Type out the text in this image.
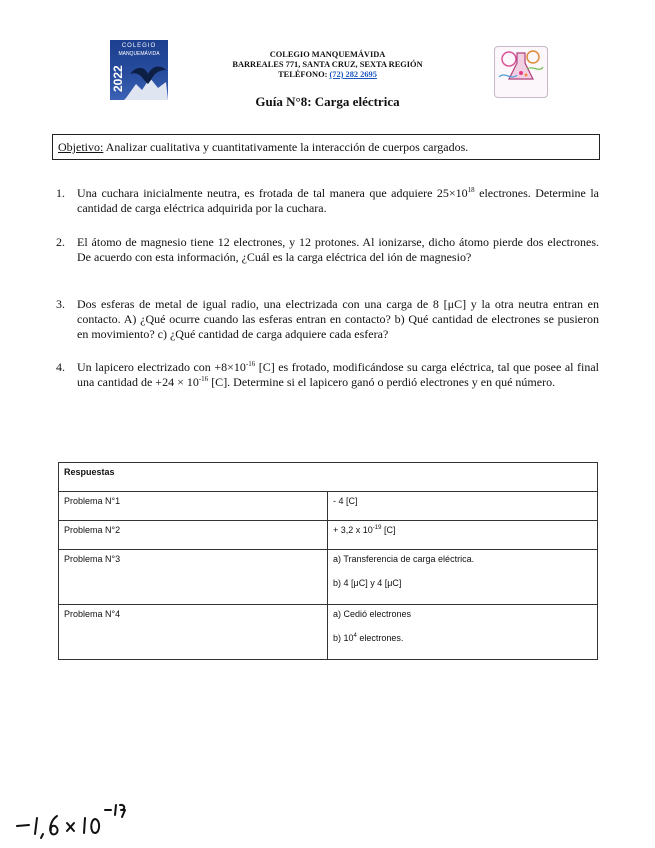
COLEGIO
MANQUEMÁVIDA
2022
COLEGIO MANQUEMÁVIDA
BARREALES 771, SANTA CRUZ, SEXTA REGIÓN
TELÉFONO: (72) 282 2695
Guía N°8: Carga eléctrica
Objetivo: Analizar cualitativa y cuantitativamente la interacción de cuerpos cargados.
1.	Una cuchara inicialmente neutra, es frotada de tal manera que adquiere $25\times 10^{18}$ electrones. Determine la cantidad de carga eléctrica adquirida por la cuchara.
2.	El átomo de magnesio tiene 12 electrones, y 12 protones. Al ionizarse, dicho átomo pierde dos electrones. De acuerdo con esta información, ¿Cuál es la carga eléctrica del ión de magnesio?
3.	Dos esferas de metal de igual radio, una electrizada con una carga de 8 [μC] y la otra neutra entran en contacto. A) ¿Qué ocurre cuando las esferas entran en contacto? b) Qué cantidad de electrones se pusieron en movimiento? c) ¿Qué cantidad de carga adquiere cada esfera?
4.	Un lapicero electrizado con $+8\times 10^{-16}$ [C] es frotado, modificándose su carga eléctrica, tal que posee al final una cantidad de $+24 \times 10^{-16}$ [C]. Determine si el lapicero ganó o perdió electrones y en qué número.
Respuestas	
Problema N°1	- 4 [C]
Problema N°2	+ 3,2 x $10^{-19}$ [C]
Problema N°3	a) Transferencia de carga eléctrica.
b) 4 [μC] y 4 [μC]

Problema N°4	a) Cedió electrones
b) $10^4$ electrones.
